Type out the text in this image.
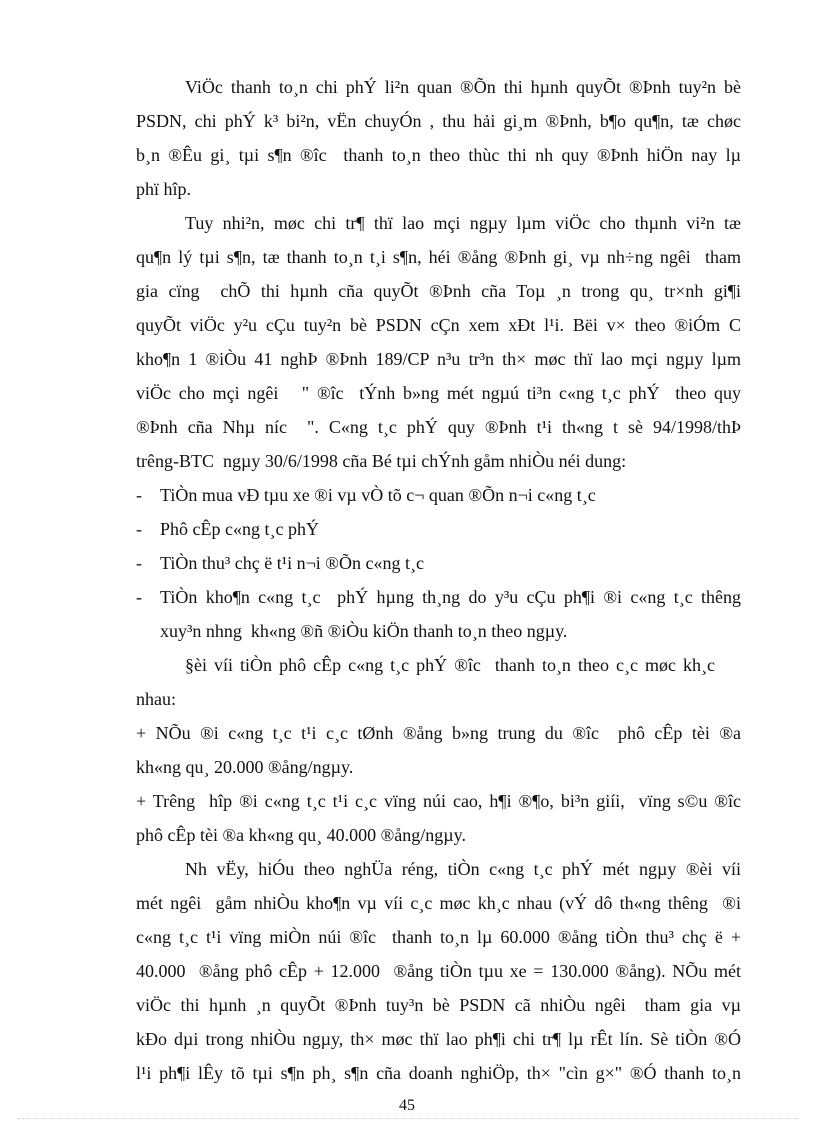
ViÖc thanh to¸n chi phÝ li²n quan ®Õn thi hµnh quyÕt ®Þnh tuy²n bè
PSDN, chi phÝ k³ bi²n, vËn chuyÓn , thu hải gi¸m ®Þnh, b¶o qu¶n, tæ chøc
b¸n ®Êu gi¸ tµi s¶n ®îc  thanh to¸n theo thùc thi nh quy ®Þnh hiÖn nay lµ
phï hîp.
Tuy nhi²n, møc chi tr¶ thï lao mçi ngµy lµm viÖc cho thµnh vi²n tæ
qu¶n lý tµi s¶n, tæ thanh to¸n t¸i s¶n, héi ®ång ®Þnh gi¸ vµ nh÷ng ngêi  tham
gia cïng  chÕ thi hµnh cña quyÕt ®Þnh cña Toµ ¸n trong qu¸ tr×nh gi¶i
quyÕt viÖc y²u cÇu tuy²n bè PSDN cÇn xem xÐt l¹i. Bëi v× theo ®iÓm C
kho¶n 1 ®iÒu 41 nghÞ ®Þnh 189/CP n³u tr³n th× møc thï lao mçi ngµy lµm
viÖc cho mçi ngêi   " ®îc  tÝnh b»ng mét ngµú ti³n c«ng t¸c phÝ  theo quy
®Þnh cña Nhµ níc  ". C«ng t¸c phÝ quy ®Þnh t¹i th«ng t sè 94/1998/thÞ
trêng-BTC  ngµy 30/6/1998 cña Bé tµi chÝnh gåm nhiÒu néi dung:
- TiÒn mua vÐ tµu xe ®i vµ vÒ tõ c¬ quan ®Õn n¬i c«ng t¸c
- Phô cÊp c«ng t¸c phÝ
- TiÒn thu³ chç ë t¹i n¬i ®Õn c«ng t¸c
- TiÒn kho¶n c«ng t¸c  phÝ hµng th¸ng do y³u cÇu ph¶i ®i c«ng t¸c thêng
xuy³n nhng  kh«ng ®ñ ®iÒu kiÖn thanh to¸n theo ngµy.
§èi víi tiÒn phô cÊp c«ng t¸c phÝ ®îc  thanh to¸n theo c¸c møc kh¸c
nhau:
+ NÕu ®i c«ng t¸c t¹i c¸c tØnh ®ång b»ng trung du ®îc  phô cÊp tèi ®a
kh«ng qu¸ 20.000 ®ång/ngµy.
+ Trêng  hîp ®i c«ng t¸c t¹i c¸c vïng núi cao, h¶i ®¶o, bi³n giíi,  vïng s©u ®îc
phô cÊp tèi ®a kh«ng qu¸ 40.000 ®ång/ngµy.
Nh vËy, hiÓu theo nghÜa réng, tiÒn c«ng t¸c phÝ mét ngµy ®èi víi
mét ngêi  gåm nhiÒu kho¶n vµ víi c¸c møc kh¸c nhau (vÝ dô th«ng thêng  ®i
c«ng t¸c t¹i vïng miÒn núi ®îc  thanh to¸n lµ 60.000 ®ång tiÒn thu³ chç ë +
40.000  ®ång phô cÊp + 12.000  ®ång tiÒn tµu xe = 130.000 ®ång). NÕu mét
viÖc thi hµnh ¸n quyÕt ®Þnh tuy³n bè PSDN cã nhiÒu ngêi  tham gia vµ
kÐo dµi trong nhiÒu ngµy, th× møc thï lao ph¶i chi tr¶ lµ rÊt lín. Sè tiÒn ®Ó
l¹i ph¶i lÊy tõ tµi s¶n ph¸ s¶n cña doanh nghiÖp, th× "cìn g×" ®Ó thanh to¸n
45
